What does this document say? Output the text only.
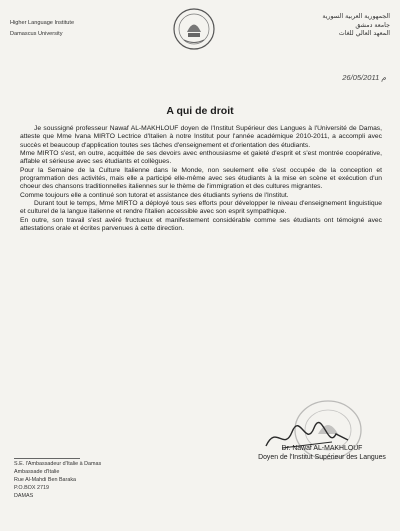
Higher Language Institute
Damascus University
الجمهورية العربية السورية
جامعة دمشق
المعهد العالي للغات
26/05/2011 م
A qui de droit

Je soussigné professeur Nawaf AL-MAKHLOUF doyen de l'Institut Supérieur des Langues à l'Université de Damas, atteste que Mme Ivana MIRTO Lectrice d'Italien à notre Institut pour l'année académique 2010-2011, a accompli avec succès et beaucoup d'application toutes ses tâches d'enseignement et d'orientation des étudiants.

Mme MIRTO s'est, en outre, acquittée de ses devoirs avec enthousiasme et gaieté d'esprit et s'est montrée coopérative, affable et sérieuse avec ses étudiants et collègues.

Pour la Semaine de la Culture Italienne dans le Monde, non seulement elle s'est occupée de la conception et programmation des activités, mais elle a participé elle-même avec ses étudiants à la mise en scène et exécution d'un choeur des chansons traditionnelles italiennes sur le thème de l'immigration et des cultures migrantes.

Comme toujours elle a continué son tutorat et assistance des étudiants syriens de l'Institut.

Durant tout le temps, Mme MIRTO a déployé tous ses efforts pour développer le niveau d'enseignement linguistique et culturel de la langue italienne et rendre l'italien accessible avec son esprit sympathique.

En outre, son travail s'est avéré fructueux et manifestement considérable comme ses étudiants ont témoigné avec attestations orale et écrites parvenues à cette direction.

Dr. Nawaf AL-MAKHLOUF
Doyen de l'Institut Supérieur des Langues
S.E. l'Ambassadeur d'Italie à Damas
Ambassade d'Italie
Rue Al-Mahdi Ben Baraka
P.O.BOX 2719
DAMAS
